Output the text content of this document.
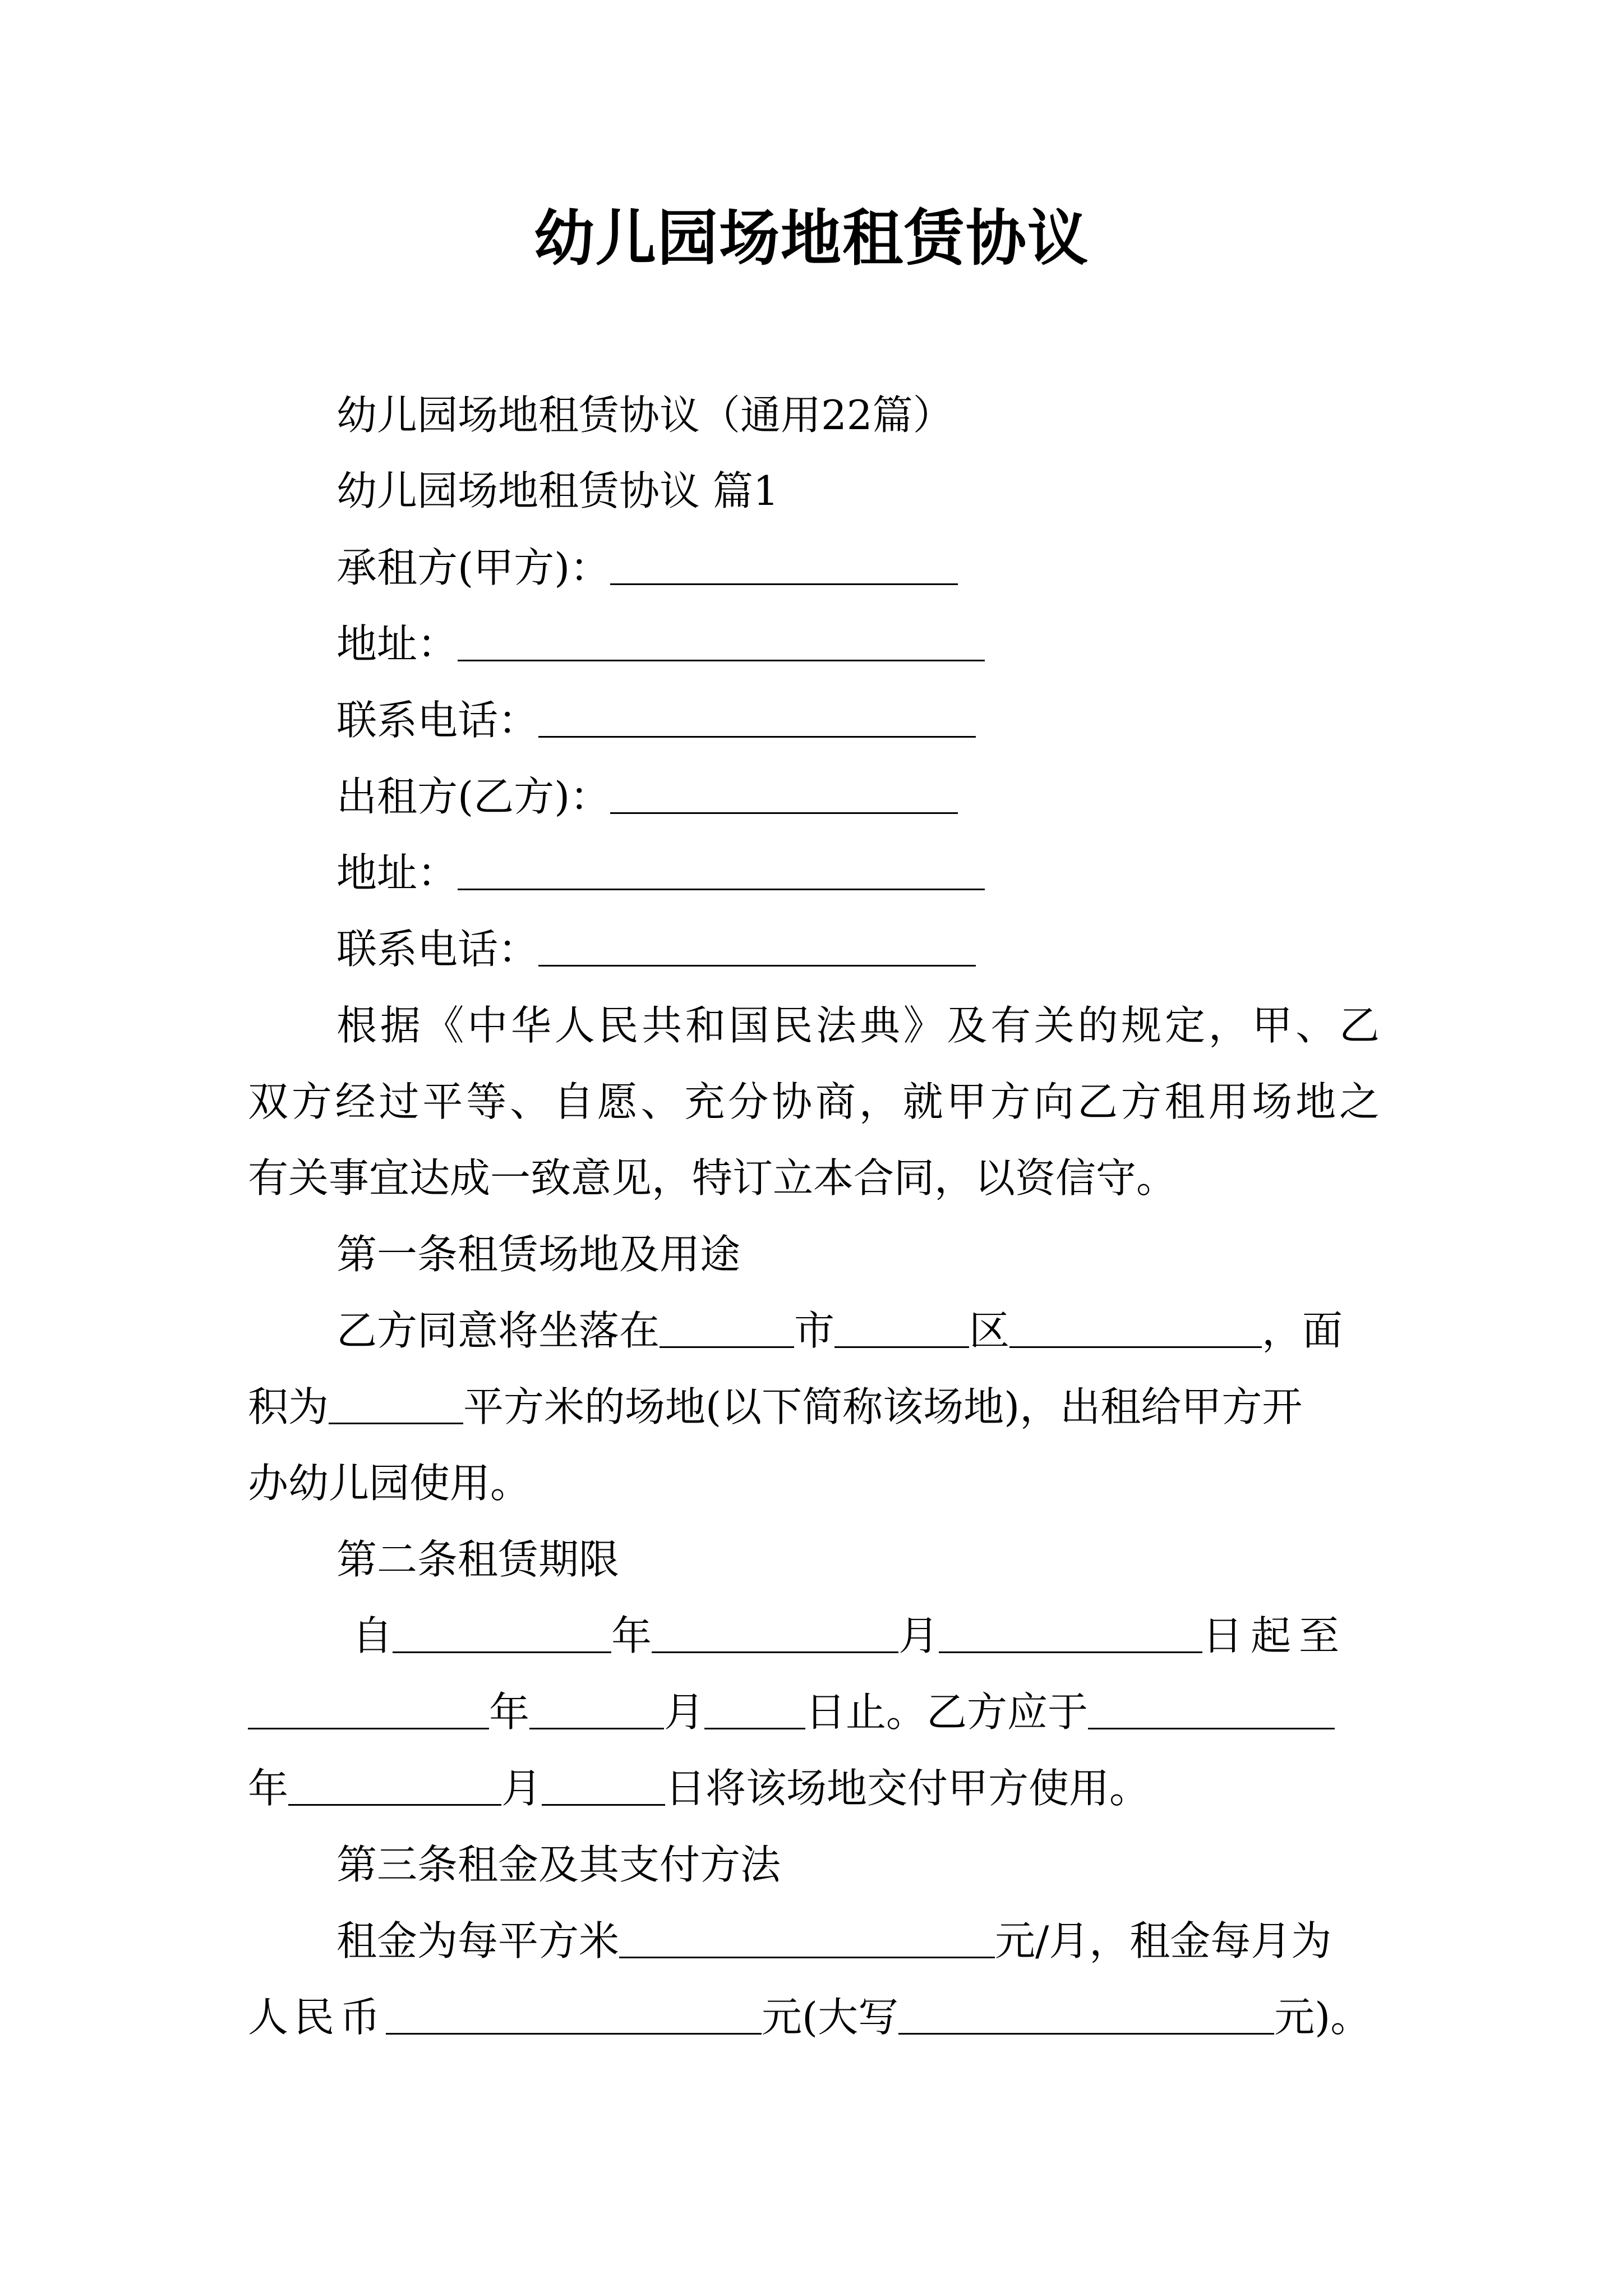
幼儿园场地租赁协议
幼儿园场地租赁协议（通用22篇）
幼儿园场地租赁协议 篇1
承租方(甲方)：
地址：
联系电话：
出租方(乙方)：
地址：
联系电话：
根据《中华人民共和国民法典》及有关的规定，甲、乙
双方经过平等、自愿、充分协商，就甲方向乙方租用场地之
有关事宜达成一致意见，特订立本合同，以资信守。
第一条租赁场地及用途
乙方同意将坐落在	市	区	，面
积为	平方米的场地(以下简称该场地)，出租给甲方开
办幼儿园使用。
第二条租赁期限
自	年	月	日起至
年	月	日止。乙方应于
年	月	日将该场地交付甲方使用。
第三条租金及其支付方法
租金为每平方米	元/月，租金每月为
人民币	元(大写	元)。
